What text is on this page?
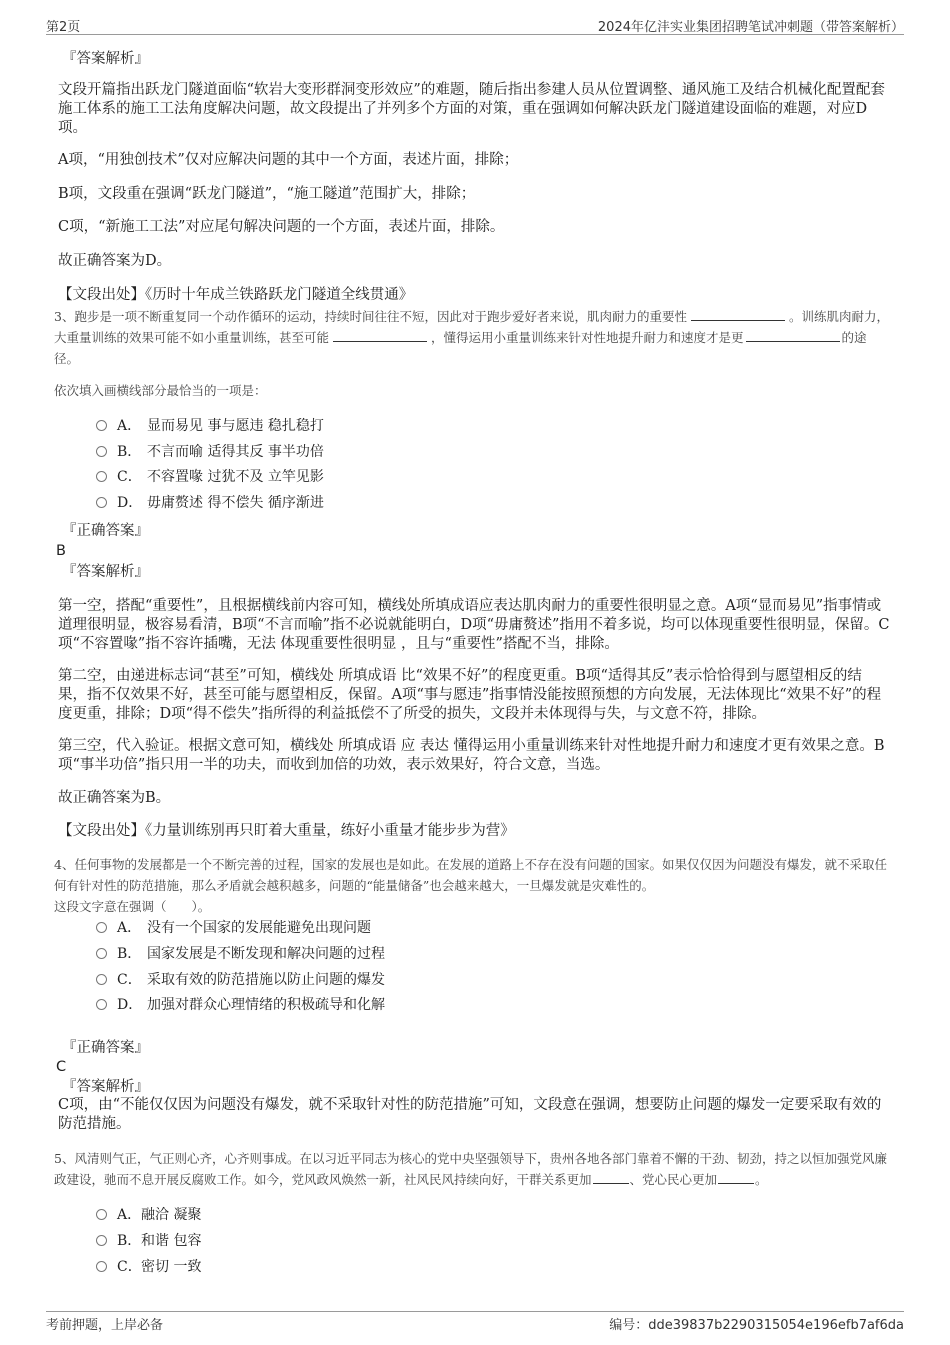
第2页	2024年亿沣实业集团招聘笔试冲刺题（带答案解析）
『答案解析』

文段开篇指出跃龙门隧道面临“软岩大变形群洞变形效应”的难题，随后指出参建人员从位置调整、通风施工及结合机械化配置配套施工体系的施工工法角度解决问题，故文段提出了并列多个方面的对策，重在强调如何解决跃龙门隧道建设面临的难题，对应D项。

A项，“用独创技术”仅对应解决问题的其中一个方面，表述片面，排除；

B项，文段重在强调“跃龙门隧道”，“施工隧道”范围扩大，排除；

C项，“新施工工法”对应尾句解决问题的一个方面，表述片面，排除。

故正确答案为D。

【文段出处】《历时十年成兰铁路跃龙门隧道全线贯通》

3、跑步是一项不断重复同一个动作循环的运动，持续时间往往不短，因此对于跑步爱好者来说，肌肉耐力的重要性	。训练肌肉耐力，大重量训练的效果可能不如小重量训练，甚至可能	，懂得运用小重量训练来针对性地提升耐力和速度才是更	的途径。

依次填入画横线部分最恰当的一项是：

A． 显而易见 事与愿违 稳扎稳打
B． 不言而喻 适得其反 事半功倍
C． 不容置喙 过犹不及 立竿见影
D． 毋庸赘述 得不偿失 循序渐进
『正确答案』
B
『答案解析』

第一空，搭配“重要性”，且根据横线前内容可知，横线处所填成语应表达肌肉耐力的重要性很明显之意。A项“显而易见”指事情或道理很明显，极容易看清，B项“不言而喻”指不必说就能明白，D项“毋庸赘述”指用不着多说，均可以体现重要性很明显，保留。C项“不容置喙”指不容许插嘴，无法 体现重要性很明显 ，且与“重要性”搭配不当，排除。

第二空，由递进标志词“甚至”可知，横线处 所填成语 比“效果不好”的程度更重。B项“适得其反”表示恰恰得到与愿望相反的结果，指不仅效果不好，甚至可能与愿望相反，保留。A项“事与愿违”指事情没能按照预想的方向发展，无法体现比“效果不好”的程度更重，排除；D项“得不偿失”指所得的利益抵偿不了所受的损失，文段并未体现得与失，与文意不符，排除。

第三空，代入验证。根据文意可知，横线处 所填成语 应 表达 懂得运用小重量训练来针对性地提升耐力和速度才更有效果之意。B项“事半功倍”指只用一半的功夫，而收到加倍的功效，表示效果好，符合文意，当选。

故正确答案为B。

【文段出处】《力量训练别再只盯着大重量，练好小重量才能步步为营》

4、任何事物的发展都是一个不断完善的过程，国家的发展也是如此。在发展的道路上不存在没有问题的国家。如果仅仅因为问题没有爆发，就不采取任何有针对性的防范措施，那么矛盾就会越积越多，问题的“能量储备”也会越来越大，一旦爆发就是灾难性的。

这段文字意在强调（　　）。

A． 没有一个国家的发展能避免出现问题
B． 国家发展是不断发现和解决问题的过程
C． 采取有效的防范措施以防止问题的爆发
D． 加强对群众心理情绪的积极疏导和化解
『正确答案』
C
『答案解析』

C项，由“不能仅仅因为问题没有爆发，就不采取针对性的防范措施”可知，文段意在强调，想要防止问题的爆发一定要采取有效的防范措施。

5、风清则气正，气正则心齐，心齐则事成。在以习近平同志为核心的党中央坚强领导下，贵州各地各部门靠着不懈的干劲、韧劲，持之以恒加强党风廉政建设，驰而不息开展反腐败工作。如今，党风政风焕然一新，社风民风持续向好，干群关系更加	、党心民心更加	。

A．融洽 凝聚
B．和谐 包容
C．密切 一致
考前押题，上岸必备	编号：dde39837b2290315054e196efb7af6da
